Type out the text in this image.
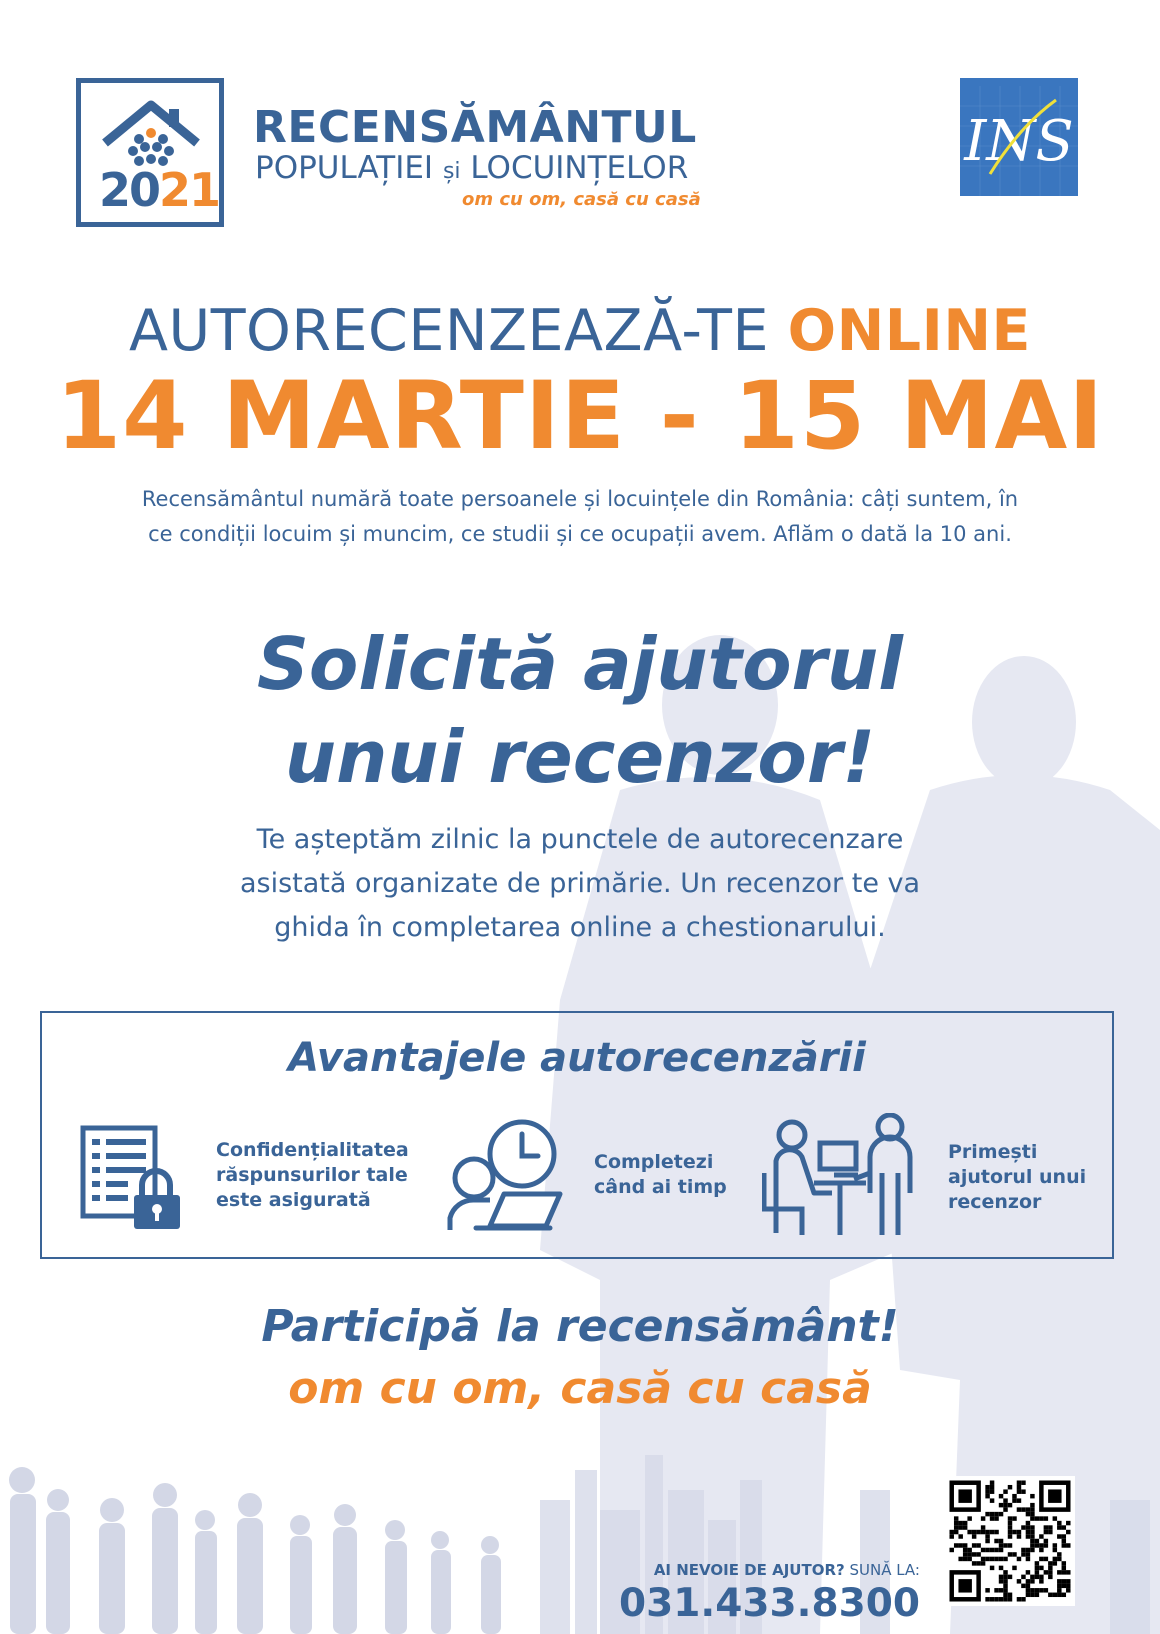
2021
RECENSĂMÂNTUL
POPULAȚIEI și LOCUINȚELOR
om cu om, casă cu casă
INS
AUTORECENZEAZĂ-TE ONLINE
14 MARTIE - 15 MAI
Recensământul numără toate persoanele și locuințele din România: câți suntem, în
ce condiții locuim și muncim, ce studii și ce ocupații avem. Aflăm o dată la 10 ani.
Solicită ajutorul
unui recenzor!
Te așteptăm zilnic la punctele de autorecenzare
asistată organizate de primărie. Un recenzor te va
ghida în completarea online a chestionarului.
Avantajele autorecenzării
Confidențialitatea
răspunsurilor tale
este asigurată
Completezi
când ai timp
Primești
ajutorul unui
recenzor
Participă la recensământ!
om cu om, casă cu casă
AI NEVOIE DE AJUTOR? SUNĂ LA:
031.433.8300
